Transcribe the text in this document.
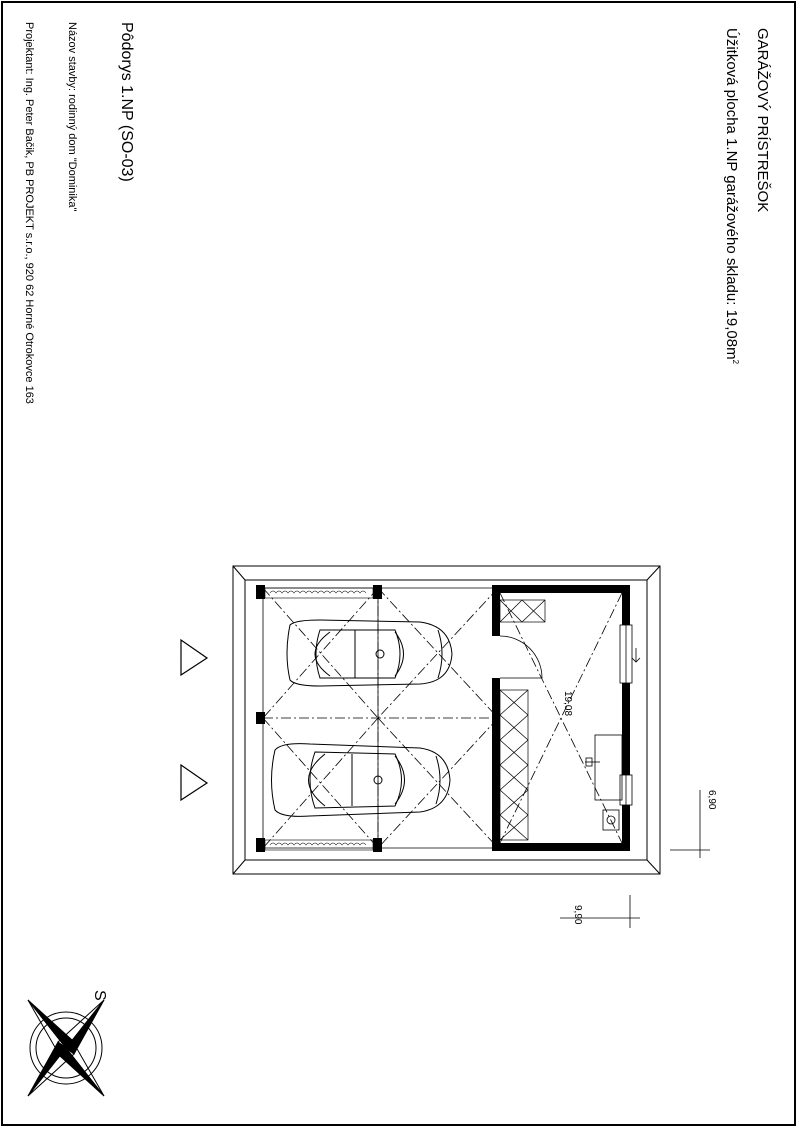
GARÁŽOVÝ PRÍSTREŠOK
Úžitková plocha 1.NP garážového skladu: $19,08m^2$
Pôdorys 1.NP (SO-03)
Názov stavby: rodinný dom "Dominika"
Projektant: Ing. Peter Bačik, PB PROJEKT s.r.o., 920 62 Horné Otrokovce 163
19,08
6,90
9,90
S
